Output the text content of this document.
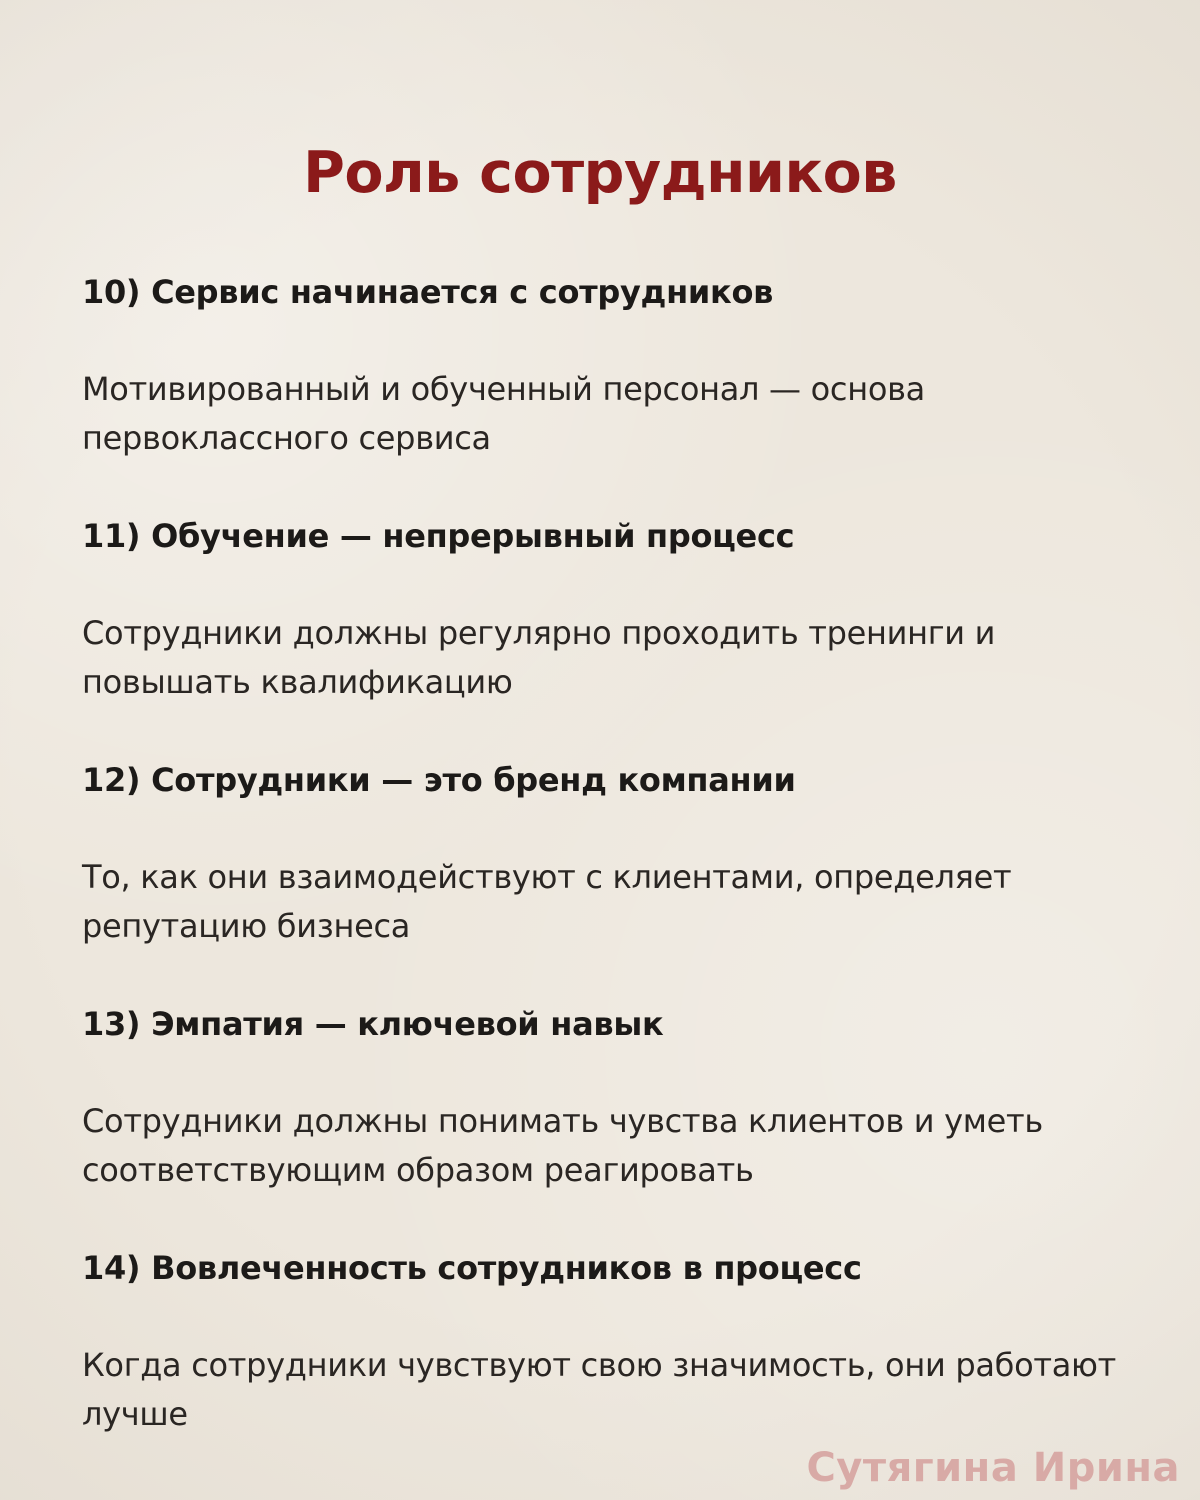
Роль сотрудников

10) Сервис начинается с сотрудников

Мотивированный и обученный персонал — основа первоклассного сервиса

11) Обучение — непрерывный процесс

Сотрудники должны регулярно проходить тренинги и повышать квалификацию

12) Сотрудники — это бренд компании

То, как они взаимодействуют с клиентами, определяет репутацию бизнеса

13) Эмпатия — ключевой навык

Сотрудники должны понимать чувства клиентов и уметь соответствующим образом реагировать

14) Вовлеченность сотрудников в процесс

Когда сотрудники чувствуют свою значимость, они работают лучше

Сутягина Ирина
